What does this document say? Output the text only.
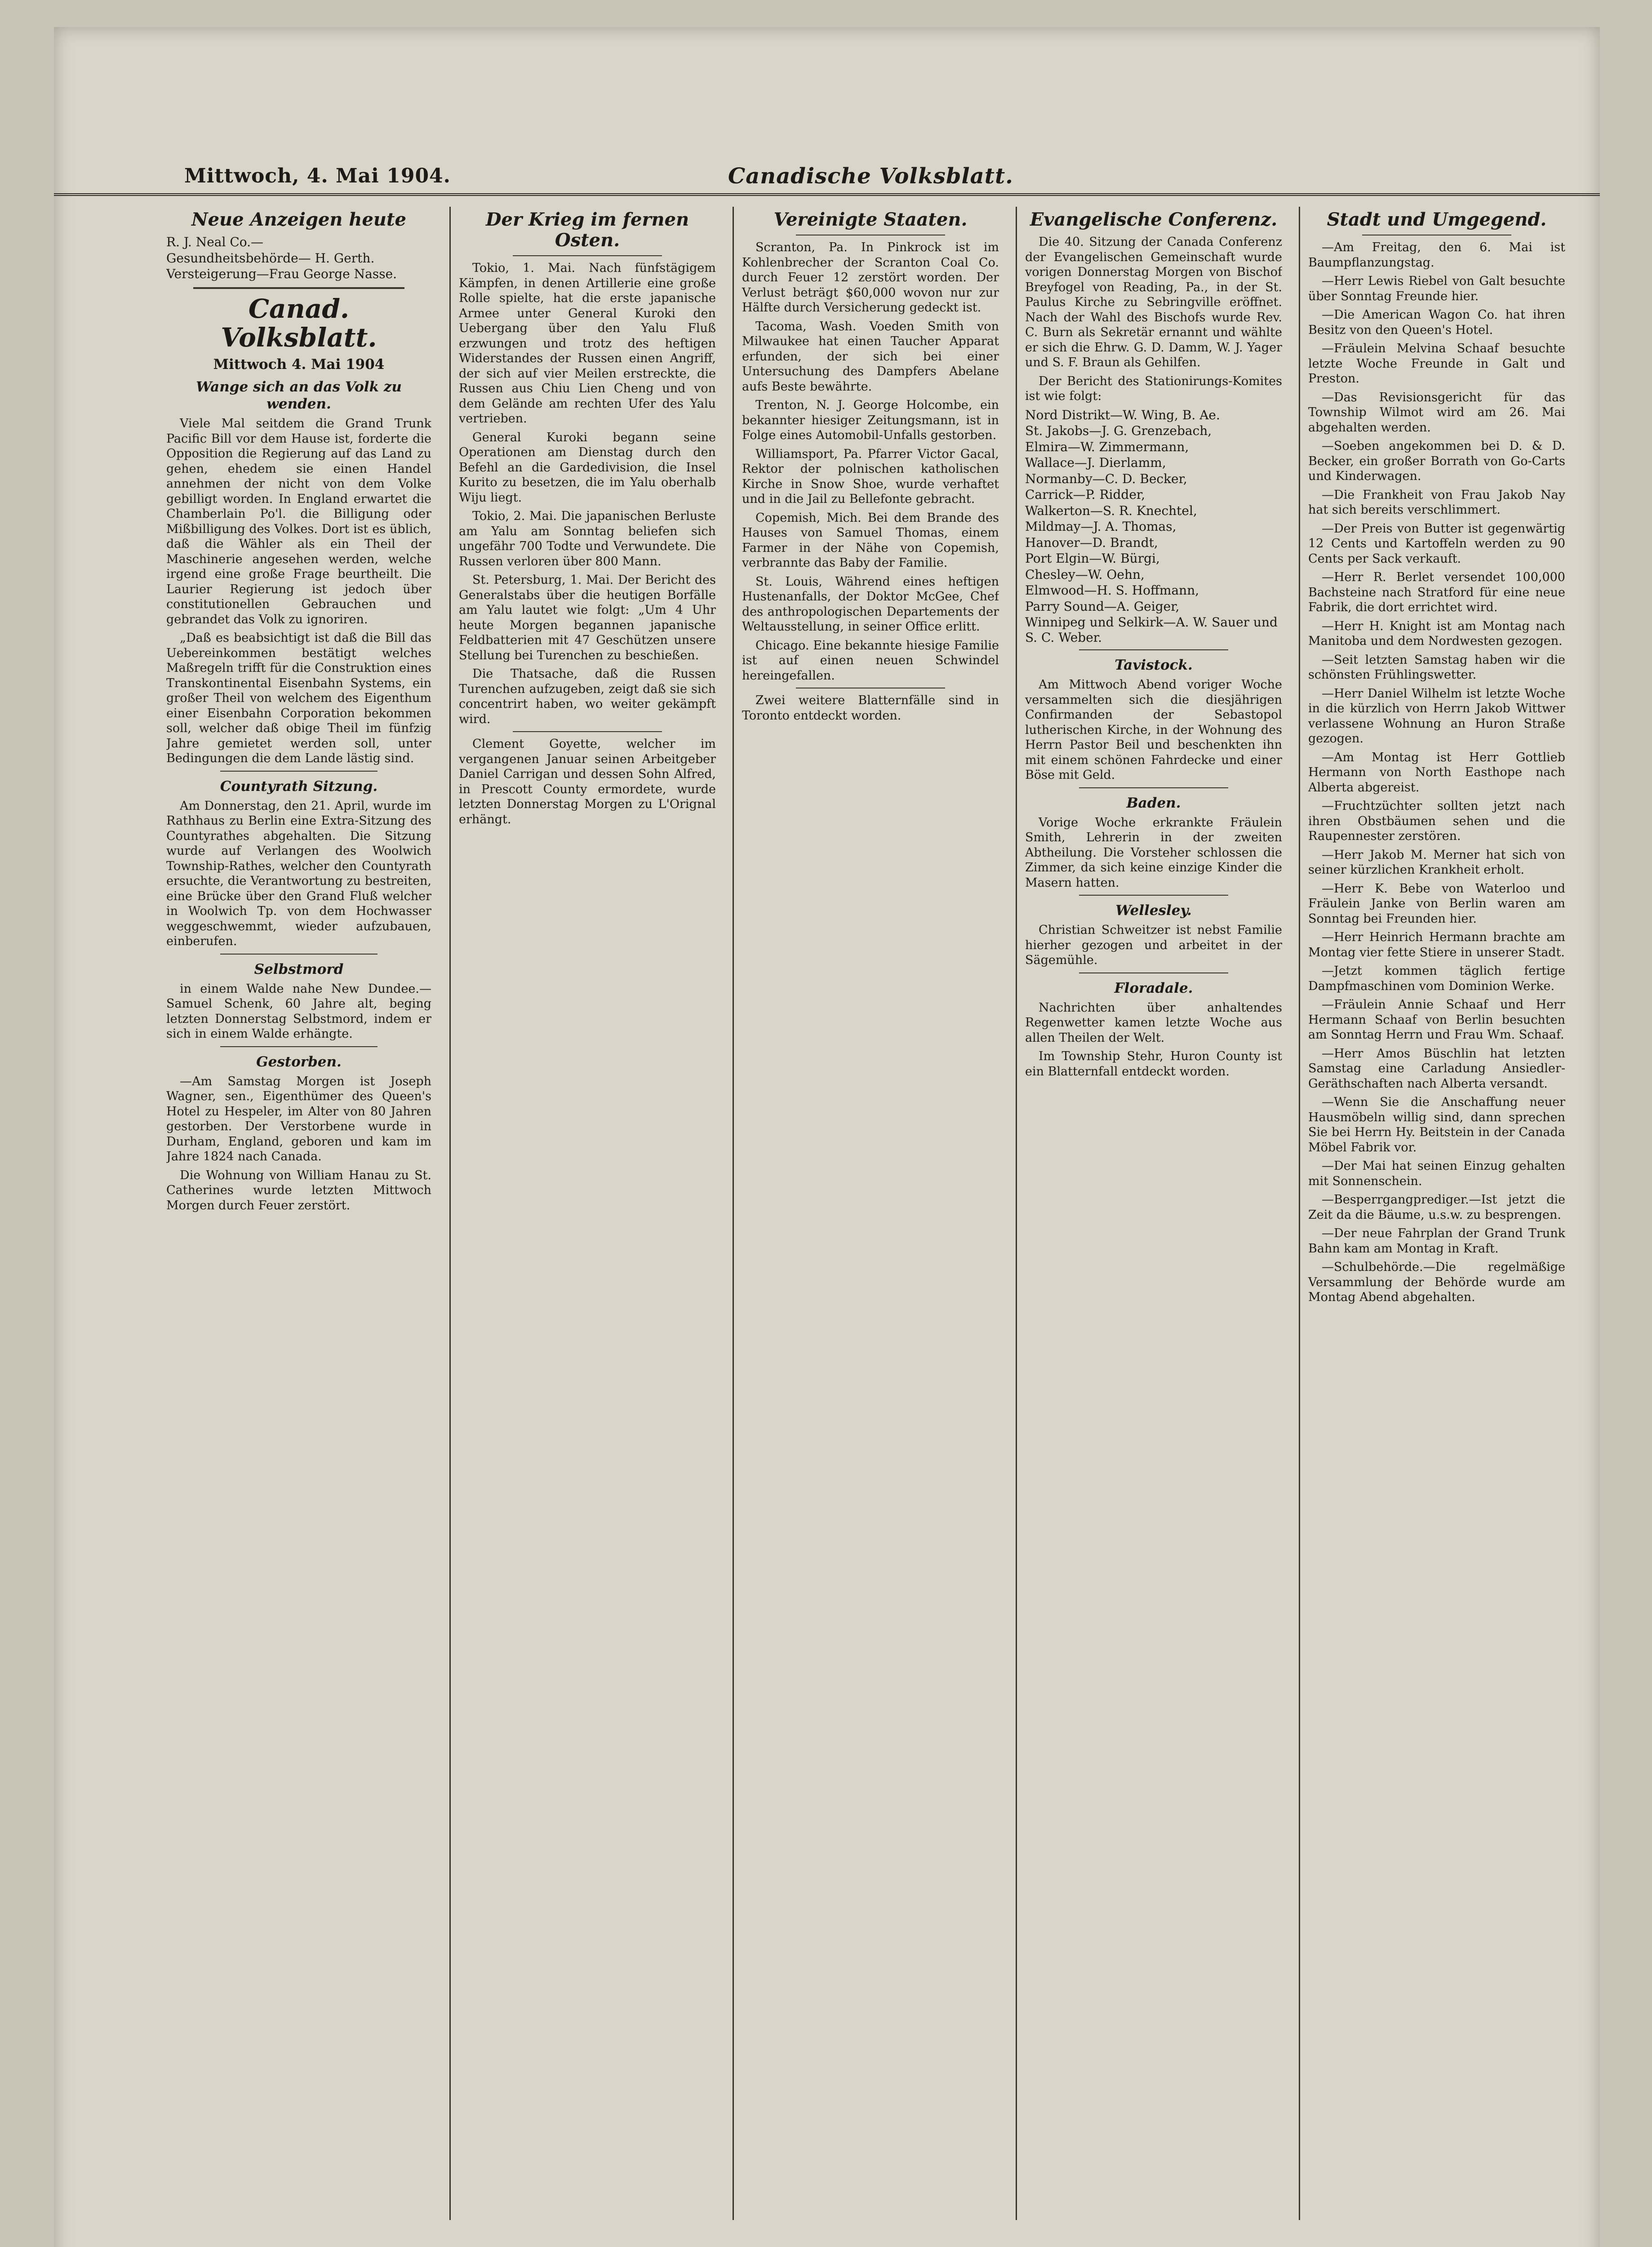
Mittwoch, 4. Mai 1904.	Canadische Volksblatt.
Neue Anzeigen heute
R. J. Neal Co.—
Gesundheitsbehörde— H. Gerth.
Versteigerung—Frau George Nasse.
Canad. Volksblatt.
Mittwoch 4. Mai 1904
Wange sich an das Volk zu wenden.

Viele Mal seitdem die Grand Trunk Pacific Bill vor dem Hause ist, forderte die Opposition die Regierung auf das Land zu gehen, ehedem sie einen Handel annehmen der nicht von dem Volke gebilligt worden. In England erwartet die Chamberlain Po'l. die Billigung oder Mißbilligung des Volkes. Dort ist es üblich, daß die Wähler als ein Theil der Maschinerie angesehen werden, welche irgend eine große Frage beurtheilt. Die Laurier Regierung ist jedoch über constitutionellen Gebrauchen und gebrandet das Volk zu ignoriren.

„Daß es beabsichtigt ist daß die Bill das Uebereinkommen bestätigt welches Maßregeln trifft für die Construktion eines Transkontinental Eisenbahn Systems, ein großer Theil von welchem des Eigenthum einer Eisenbahn Corporation bekommen soll, welcher daß obige Theil im fünfzig Jahre gemietet werden soll, unter Bedingungen die dem Lande lästig sind.

Countyrath Sitzung.

Am Donnerstag, den 21. April, wurde im Rathhaus zu Berlin eine Extra-Sitzung des Countyrathes abgehalten. Die Sitzung wurde auf Verlangen des Woolwich Township-Rathes, welcher den Countyrath ersuchte, die Verantwortung zu bestreiten, eine Brücke über den Grand Fluß welcher in Woolwich Tp. von dem Hochwasser weggeschwemmt, wieder aufzubauen, einberufen.

Selbstmord

in einem Walde nahe New Dundee.—Samuel Schenk, 60 Jahre alt, beging letzten Donnerstag Selbstmord, indem er sich in einem Walde erhängte.

Gestorben.

—Am Samstag Morgen ist Joseph Wagner, sen., Eigenthümer des Queen's Hotel zu Hespeler, im Alter von 80 Jahren gestorben. Der Verstorbene wurde in Durham, England, geboren und kam im Jahre 1824 nach Canada.

Die Wohnung von William Hanau zu St. Catherines wurde letzten Mittwoch Morgen durch Feuer zerstört.

Der Krieg im fernen Osten.

Tokio, 1. Mai. Nach fünfstägigem Kämpfen, in denen Artillerie eine große Rolle spielte, hat die erste japanische Armee unter General Kuroki den Uebergang über den Yalu Fluß erzwungen und trotz des heftigen Widerstandes der Russen einen Angriff, der sich auf vier Meilen erstreckte, die Russen aus Chiu Lien Cheng und von dem Gelände am rechten Ufer des Yalu vertrieben.

General Kuroki begann seine Operationen am Dienstag durch den Befehl an die Gardedivision, die Insel Kurito zu besetzen, die im Yalu oberhalb Wiju liegt.

Tokio, 2. Mai. Die japanischen Berluste am Yalu am Sonntag beliefen sich ungefähr 700 Todte und Verwundete. Die Russen verloren über 800 Mann.

St. Petersburg, 1. Mai. Der Bericht des Generalstabs über die heutigen Borfälle am Yalu lautet wie folgt: „Um 4 Uhr heute Morgen begannen japanische Feldbatterien mit 47 Geschützen unsere Stellung bei Turenchen zu beschießen.

Die Thatsache, daß die Russen Turenchen aufzugeben, zeigt daß sie sich concentrirt haben, wo weiter gekämpft wird.

Clement Goyette, welcher im vergangenen Januar seinen Arbeitgeber Daniel Carrigan und dessen Sohn Alfred, in Prescott County ermordete, wurde letzten Donnerstag Morgen zu L'Orignal erhängt.

Vereinigte Staaten.

Scranton, Pa. In Pinkrock ist im Kohlenbrecher der Scranton Coal Co. durch Feuer 12 zerstört worden. Der Verlust beträgt $60,000 wovon nur zur Hälfte durch Versicherung gedeckt ist.

Tacoma, Wash. Voeden Smith von Milwaukee hat einen Taucher Apparat erfunden, der sich bei einer Untersuchung des Dampfers Abelane aufs Beste bewährte.

Trenton, N. J. George Holcombe, ein bekannter hiesiger Zeitungsmann, ist in Folge eines Automobil-Unfalls gestorben.

Williamsport, Pa. Pfarrer Victor Gacal, Rektor der polnischen katholischen Kirche in Snow Shoe, wurde verhaftet und in die Jail zu Bellefonte gebracht.

Copemish, Mich. Bei dem Brande des Hauses von Samuel Thomas, einem Farmer in der Nähe von Copemish, verbrannte das Baby der Familie.

St. Louis, Während eines heftigen Hustenanfalls, der Doktor McGee, Chef des anthropologischen Departements der Weltausstellung, in seiner Office erlitt.

Chicago. Eine bekannte hiesige Familie ist auf einen neuen Schwindel hereingefallen.

Zwei weitere Blatternfälle sind in Toronto entdeckt worden.

Evangelische Conferenz.

Die 40. Sitzung der Canada Conferenz der Evangelischen Gemeinschaft wurde vorigen Donnerstag Morgen von Bischof Breyfogel von Reading, Pa., in der St. Paulus Kirche zu Sebringville eröffnet. Nach der Wahl des Bischofs wurde Rev. C. Burn als Sekretär ernannt und wählte er sich die Ehrw. G. D. Damm, W. J. Yager und S. F. Braun als Gehilfen.

Der Bericht des Stationirungs-Komites ist wie folgt:

Nord Distrikt—W. Wing, B. Ae.
St. Jakobs—J. G. Grenzebach,
Elmira—W. Zimmermann,
Wallace—J. Dierlamm,
Normanby—C. D. Becker,
Carrick—P. Ridder,
Walkerton—S. R. Knechtel,
Mildmay—J. A. Thomas,
Hanover—D. Brandt,
Port Elgin—W. Bürgi,
Chesley—W. Oehn,
Elmwood—H. S. Hoffmann,
Parry Sound—A. Geiger,
Winnipeg und Selkirk—A. W. Sauer und S. C. Weber.
Tavistock.

Am Mittwoch Abend voriger Woche versammelten sich die diesjährigen Confirmanden der Sebastopol lutherischen Kirche, in der Wohnung des Herrn Pastor Beil und beschenkten ihn mit einem schönen Fahrdecke und einer Böse mit Geld.

Baden.

Vorige Woche erkrankte Fräulein Smith, Lehrerin in der zweiten Abtheilung. Die Vorsteher schlossen die Zimmer, da sich keine einzige Kinder die Masern hatten.

Wellesley.

Christian Schweitzer ist nebst Familie hierher gezogen und arbeitet in der Sägemühle.

Floradale.

Nachrichten über anhaltendes Regenwetter kamen letzte Woche aus allen Theilen der Welt.

Im Township Stehr, Huron County ist ein Blatternfall entdeckt worden.

Stadt und Umgegend.

—Am Freitag, den 6. Mai ist Baumpflanzungstag.

—Herr Lewis Riebel von Galt besuchte über Sonntag Freunde hier.

—Die American Wagon Co. hat ihren Besitz von den Queen's Hotel.

—Fräulein Melvina Schaaf besuchte letzte Woche Freunde in Galt und Preston.

—Das Revisionsgericht für das Township Wilmot wird am 26. Mai abgehalten werden.

—Soeben angekommen bei D. & D. Becker, ein großer Borrath von Go-Carts und Kinderwagen.

—Die Frankheit von Frau Jakob Nay hat sich bereits verschlimmert.

—Der Preis von Butter ist gegenwärtig 12 Cents und Kartoffeln werden zu 90 Cents per Sack verkauft.

—Herr R. Berlet versendet 100,000 Bachsteine nach Stratford für eine neue Fabrik, die dort errichtet wird.

—Herr H. Knight ist am Montag nach Manitoba und dem Nordwesten gezogen.

—Seit letzten Samstag haben wir die schönsten Frühlingswetter.

—Herr Daniel Wilhelm ist letzte Woche in die kürzlich von Herrn Jakob Wittwer verlassene Wohnung an Huron Straße gezogen.

—Am Montag ist Herr Gottlieb Hermann von North Easthope nach Alberta abgereist.

—Fruchtzüchter sollten jetzt nach ihren Obstbäumen sehen und die Raupennester zerstören.

—Herr Jakob M. Merner hat sich von seiner kürzlichen Krankheit erholt.

—Herr K. Bebe von Waterloo und Fräulein Janke von Berlin waren am Sonntag bei Freunden hier.

—Herr Heinrich Hermann brachte am Montag vier fette Stiere in unserer Stadt.

—Jetzt kommen täglich fertige Dampfmaschinen vom Dominion Werke.

—Fräulein Annie Schaaf und Herr Hermann Schaaf von Berlin besuchten am Sonntag Herrn und Frau Wm. Schaaf.

—Herr Amos Büschlin hat letzten Samstag eine Carladung Ansiedler-Geräthschaften nach Alberta versandt.

—Wenn Sie die Anschaffung neuer Hausmöbeln willig sind, dann sprechen Sie bei Herrn Hy. Beitstein in der Canada Möbel Fabrik vor.

—Der Mai hat seinen Einzug gehalten mit Sonnenschein.

—Besperrgangprediger.—Ist jetzt die Zeit da die Bäume, u.s.w. zu besprengen.

—Der neue Fahrplan der Grand Trunk Bahn kam am Montag in Kraft.

—Schulbehörde.—Die regelmäßige Versammlung der Behörde wurde am Montag Abend abgehalten.
